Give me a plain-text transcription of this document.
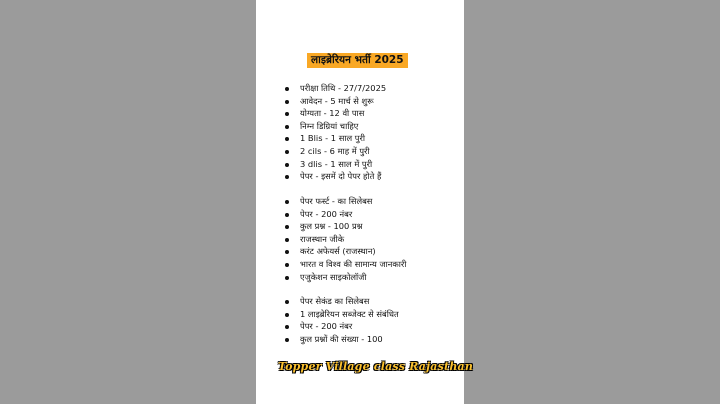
लाइब्रेरियन भर्ती 2025
परीक्षा तिथि - 27/7/2025
आवेदन - 5 मार्च से शुरू
योग्यता - 12 वी पास
निम्न डिग्रियां चाहिए
1 Blis - 1 साल पुरी
2 cils - 6 माह में पुरी
3 dlis - 1 साल में पुरी
पेपर - इसमें दो पेपर होते हैं
पेपर फर्स्ट - का सिलेबस
पेपर - 200 नंबर
कुल प्रश्न - 100 प्रश्न
राजस्थान जीके
करंट अफेयर्स (राजस्थान)
भारत व विश्व की सामान्य जानकारी
एजुकेशन साइकोलॉजी
पेपर सेकंड का सिलेबस
1 लाइब्रेरियन सब्जेक्ट से संबंधित
पेपर - 200 नंबर
कुल प्रश्नों की संख्या - 100
Topper Village class Rajasthan
